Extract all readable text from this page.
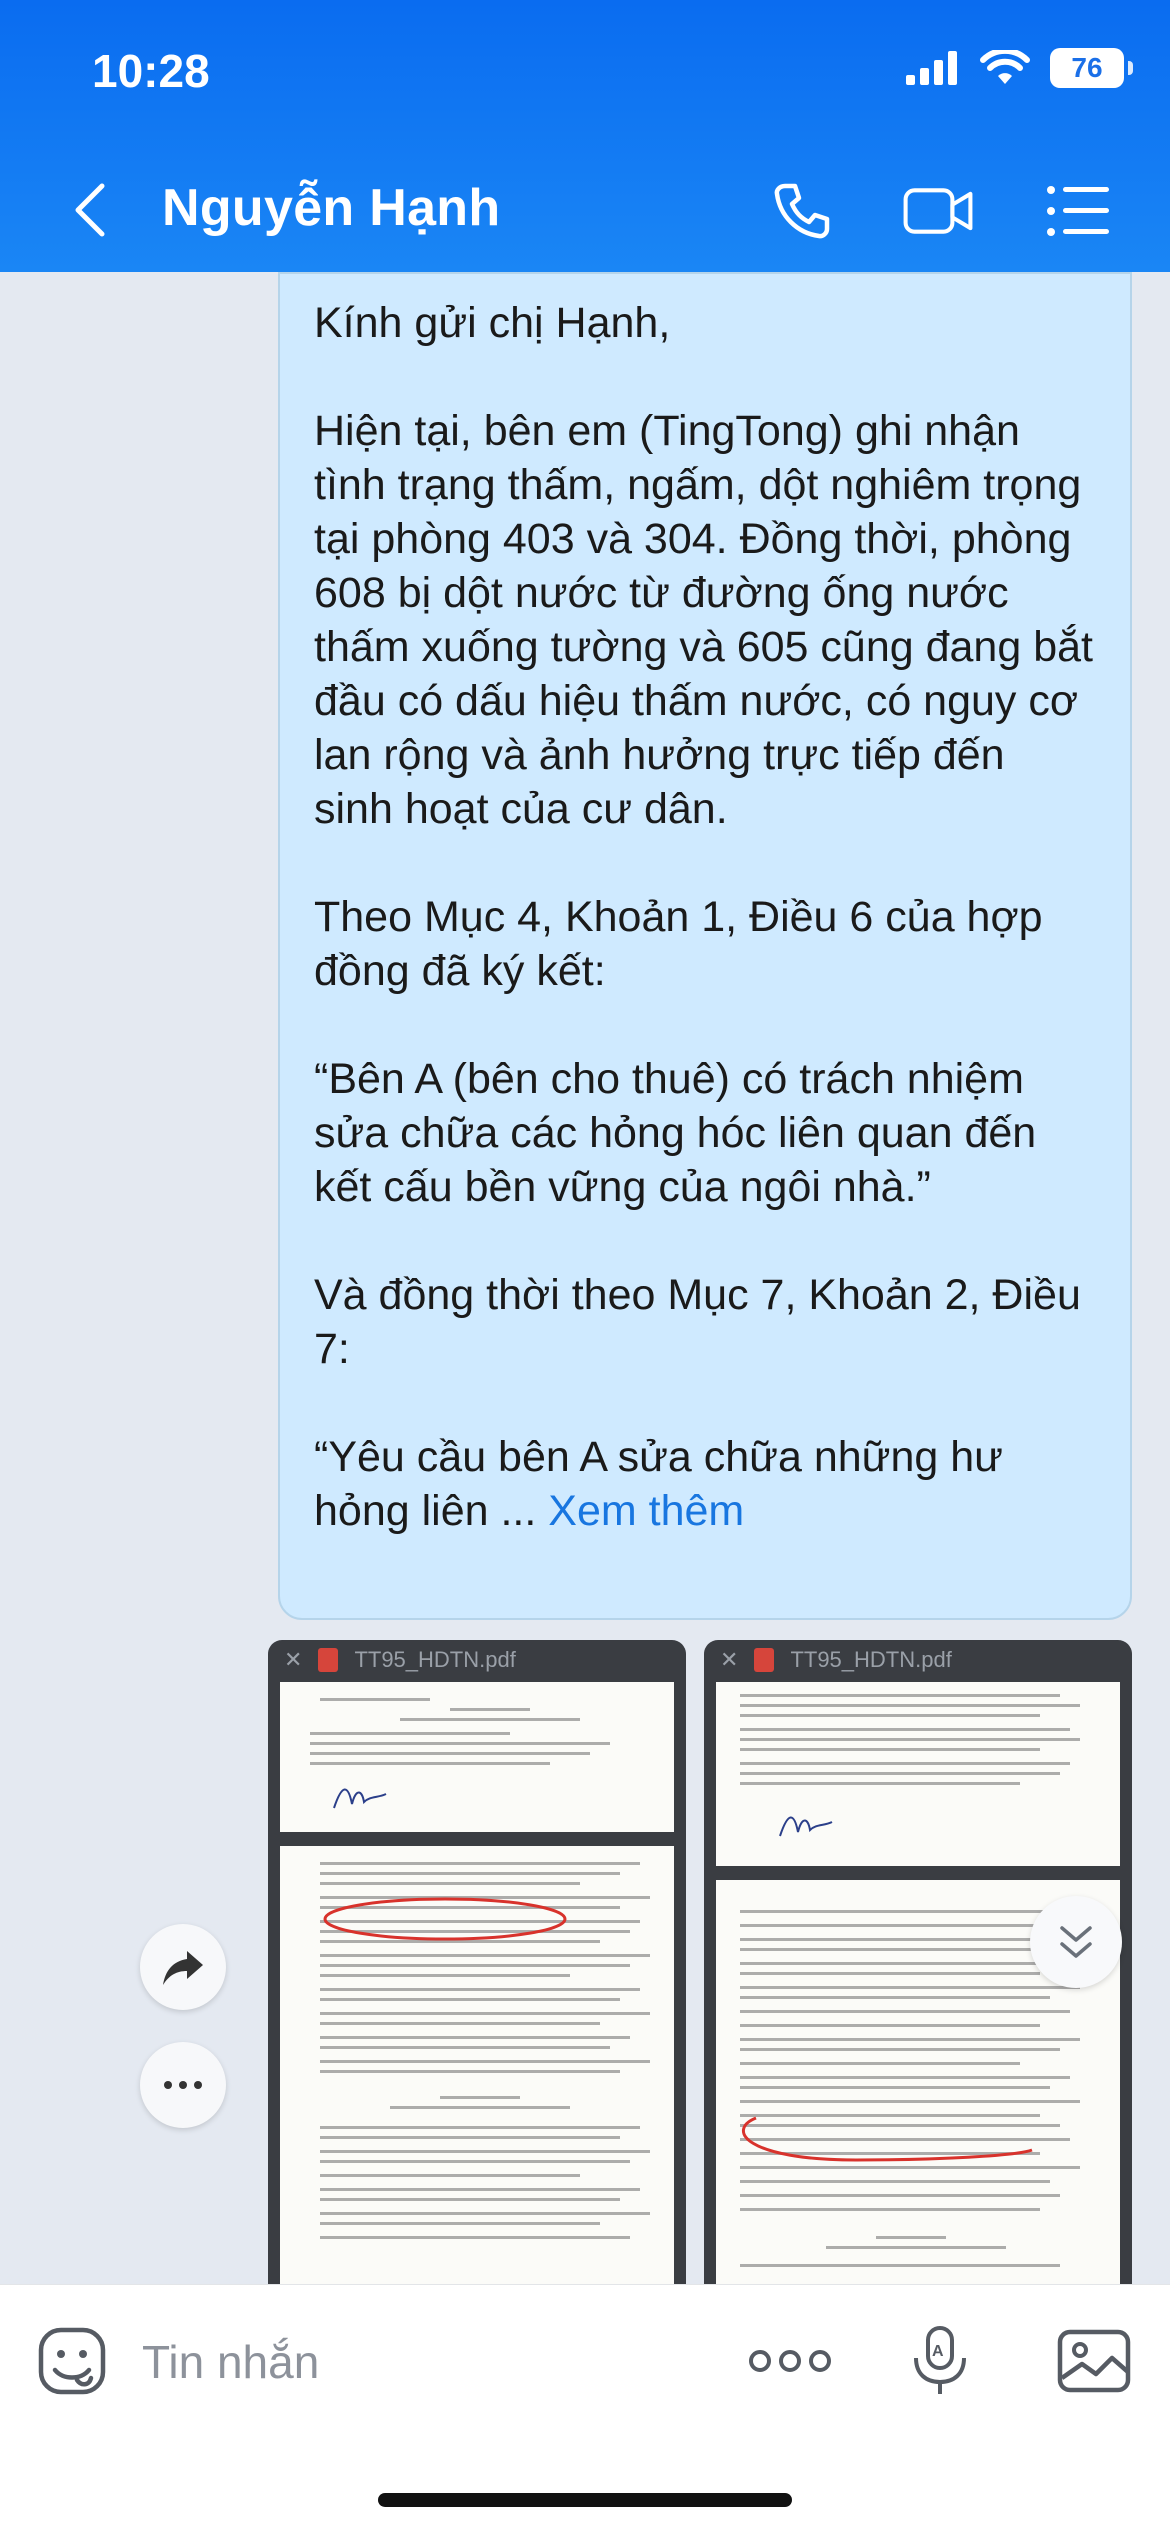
10:28	76
Nguyễn Hạnh

Kính gửi chị Hạnh,

Hiện tại, bên em (TingTong) ghi nhận tình trạng thấm, ngấm, dột nghiêm trọng tại phòng 403 và 304. Đồng thời, phòng 608 bị dột nước từ đường ống nước thấm xuống tường và 605 cũng đang bắt đầu có dấu hiệu thấm nước, có nguy cơ lan rộng và ảnh hưởng trực tiếp đến sinh hoạt của cư dân.

Theo Mục 4, Khoản 1, Điều 6 của hợp đồng đã ký kết:

“Bên A (bên cho thuê) có trách nhiệm sửa chữa các hỏng hóc liên quan đến kết cấu bền vững của ngôi nhà.”

Và đồng thời theo Mục 7, Khoản 2, Điều 7:

“Yêu cầu bên A sửa chữa những hư hỏng liên ... Xem thêm

✕ TT95_HDTN.pdf	✕ TT95_HDTN.pdf
Tin nhắn	A
